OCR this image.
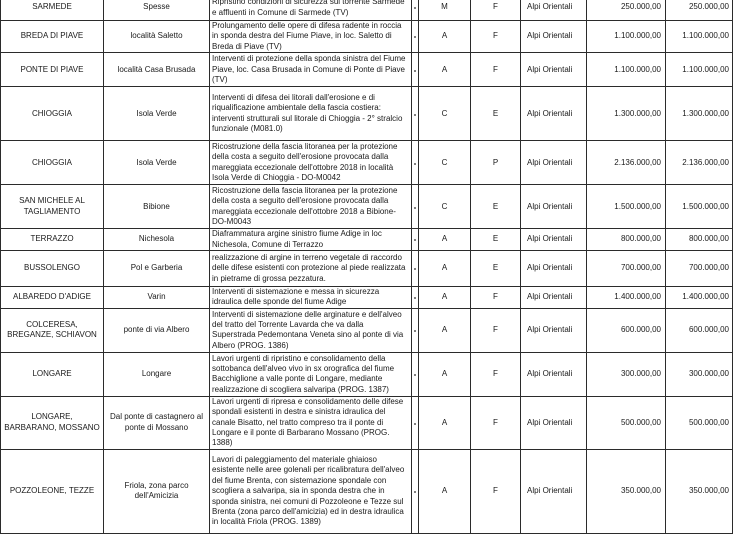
SARMEDE	Spesse	Ripristino condizioni di sicurezza sul torrente Sarmede e affluenti in Comune di Sarmede (TV)		M	F	Alpi Orientali	250.000,00	250.000,00
BREDA DI PIAVE	località Saletto	Prolungamento delle opere di difesa radente in roccia in sponda destra del Fiume Piave, in loc. Saletto di Breda di Piave (TV)		A	F	Alpi Orientali	1.100.000,00	1.100.000,00
PONTE DI PIAVE	località Casa Brusada	Interventi di protezione della sponda sinistra del Fiume Piave, loc. Casa Brusada in Comune di Ponte di Piave (TV)		A	F	Alpi Orientali	1.100.000,00	1.100.000,00
CHIOGGIA	Isola Verde	Interventi di difesa dei litorali dall'erosione e di riqualificazione ambientale della fascia costiera: interventi strutturali sul litorale di Chioggia - 2° stralcio funzionale (M081.0)		C	E	Alpi Orientali	1.300.000,00	1.300.000,00
CHIOGGIA	Isola Verde	Ricostruzione della fascia litoranea per la protezione della costa a seguito dell'erosione provocata dalla mareggiata eccezionale dell'ottobre 2018 in località Isola Verde di Chioggia - DO-M0042		C	P	Alpi Orientali	2.136.000,00	2.136.000,00
SAN MICHELE AL TAGLIAMENTO	Bibione	Ricostruzione della fascia litoranea per la protezione della costa a seguito dell'erosione provocata dalla mareggiata eccezionale dell'ottobre 2018 a Bibione- DO-M0043		C	E	Alpi Orientali	1.500.000,00	1.500.000,00
TERRAZZO	Nichesola	Diaframmatura argine sinistro fiume Adige in loc Nichesola, Comune di Terrazzo		A	E	Alpi Orientali	800.000,00	800.000,00
BUSSOLENGO	Pol e Garberia	realizzazione di argine in terreno vegetale di raccordo delle difese esistenti con protezione al piede realizzata in pietrame di grossa pezzatura.		A	E	Alpi Orientali	700.000,00	700.000,00
ALBAREDO D'ADIGE	Varin	Interventi di sistemazione e messa in sicurezza idraulica delle sponde del fiume Adige		A	F	Alpi Orientali	1.400.000,00	1.400.000,00
COLCERESA, BREGANZE, SCHIAVON	ponte di via Albero	Interventi di sistemazione delle arginature e dell'alveo del tratto del Torrente Lavarda che va dalla Superstrada Pedemontana Veneta sino al ponte di via Albero (PROG. 1386)		A	F	Alpi Orientali	600.000,00	600.000,00
LONGARE	Longare	Lavori urgenti di ripristino e consolidamento della sottobanca dell'alveo vivo in sx orografica del fiume Bacchiglione a valle ponte di Longare, mediante realizzazione di scogliera salvaripa (PROG. 1387)		A	F	Alpi Orientali	300.000,00	300.000,00
LONGARE, BARBARANO, MOSSANO	Dal ponte di castagnero al ponte di Mossano	Lavori urgenti di ripresa e consolidamento delle difese spondali esistenti in destra e sinistra idraulica del canale Bisatto, nel tratto compreso tra il ponte di Longare e il ponte di Barbarano Mossano (PROG. 1388)		A	F	Alpi Orientali	500.000,00	500.000,00
POZZOLEONE, TEZZE	Friola, zona parco dell'Amicizia	Lavori di paleggiamento del materiale ghiaioso esistente nelle aree golenali per ricalibratura dell'alveo del fiume Brenta, con sistemazione spondale con scogliera a salvaripa, sia in sponda destra che in sponda sinistra, nei comuni di Pozzoleone e Tezze sul Brenta (zona parco dell'amicizia) ed in destra idraulica in località Friola (PROG. 1389)		A	F	Alpi Orientali	350.000,00	350.000,00
